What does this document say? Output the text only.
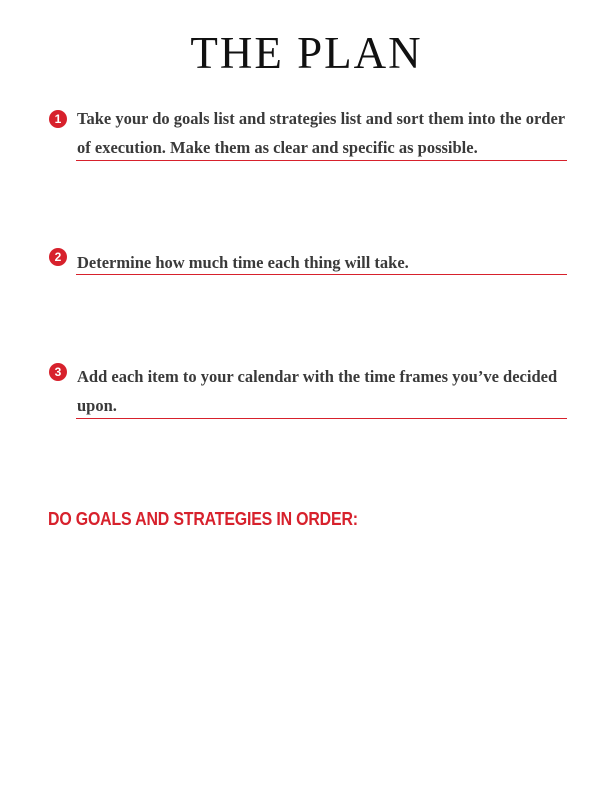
THE PLAN
1 Take your do goals list and strategies list and sort them into the order of execution. Make them as clear and specific as possible.

2 Determine how much time each thing will take.

3 Add each item to your calendar with the time frames you’ve decided upon.

DO GOALS AND STRATEGIES IN ORDER:
